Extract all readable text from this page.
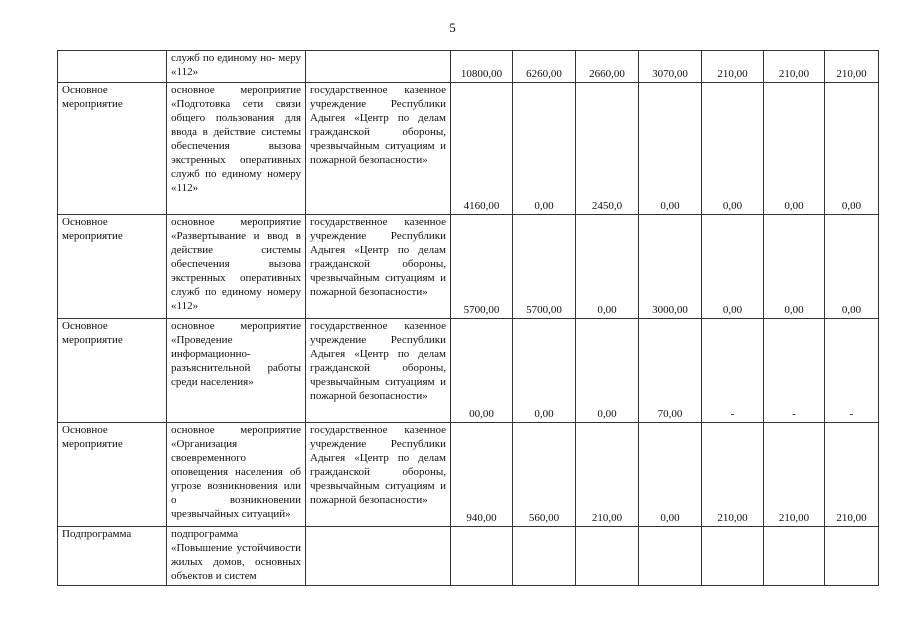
5
	служб по единому но- меру «112»		10800,00	6260,00	2660,00	3070,00	210,00	210,00	210,00
Основное мероприятие	основное мероприятие «Подготовка сети связи общего пользования для ввода в действие системы обеспечения вызова экстренных оперативных служб по единому номеру «112»	государственное казенное учреждение Республики Адыгея «Центр по делам гражданской обороны, чрезвычайным ситуациям и пожарной безопасности»	4160,00	0,00	2450,0	0,00	0,00	0,00	0,00
Основное мероприятие	основное мероприятие «Развертывание и ввод в действие системы обеспечения вызова экстренных оперативных служб по единому номеру «112»	государственное казенное учреждение Республики Адыгея «Центр по делам гражданской обороны, чрезвычайным ситуациям и пожарной безопасности»	5700,00	5700,00	0,00	3000,00	0,00	0,00	0,00
Основное мероприятие	основное мероприятие «Проведение информационно-разъяснительной работы среди населения»	государственное казенное учреждение Республики Адыгея «Центр по делам гражданской обороны, чрезвычайным ситуациям и пожарной безопасности»	00,00	0,00	0,00	70,00	-	-	-
Основное мероприятие	основное мероприятие «Организация своевременного оповещения населения об угрозе возникновения или о возникновении чрезвычайных ситуаций»	государственное казенное учреждение Республики Адыгея «Центр по делам гражданской обороны, чрезвычайным ситуациям и пожарной безопасности»	940,00	560,00	210,00	0,00	210,00	210,00	210,00
Подпрограмма	подпрограмма «Повышение устойчивости жилых домов, основных объектов и систем								
